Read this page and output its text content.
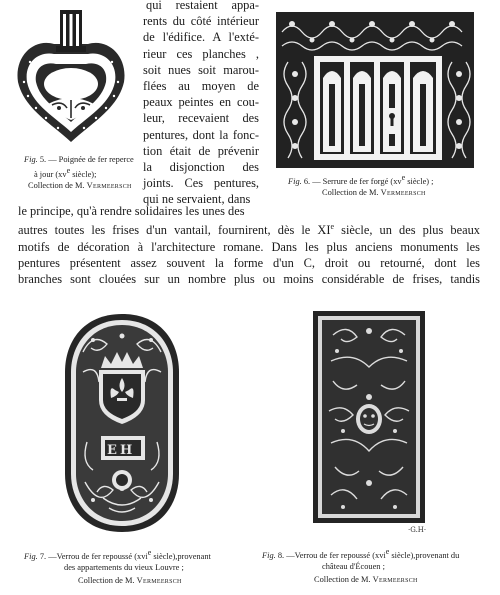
Fig. 5. — Poignée de fer reperce
à jour ($xv^e$ siècle);
Collection de M. Vermeersch	Fig. 6. — Serrure de fer forgé ($xv^e$ siècle) ;
Collection de M. Vermeersch
qui restaient appa-
rents du côté intérieur
de l'édifice. A l'exté-
rieur ces planches ,
soit nues soit marou-
flées au moyen de
peaux peintes en cou-
leur, recevaient des
pentures, dont la fonc-
tion était de prévenir
la disjonction des
joints. Ces pentures,
qui ne servaient, dans
le principe, qu'à rendre solidaires les unes des
autres toutes les frises d'un vantail, fournirent, dès le XIe siècle, un des plus beaux
motifs de décoration à l'architecture romane. Dans les plus anciens monuments les
pentures présentent assez souvent la forme d'un C, droit ou retourné, dont les
branches sont clouées sur un nombre plus ou moins considérable de frises, tandis
E H
Fig. 7. —Verrou de fer repoussé (xvi$^e$ siècle),provenant
des appartements du vieux Louvre ;
Collection de M. Vermeersch
·G.H·
Fig. 8. —Verrou de fer repoussé (xvi$^e$ siècle),provenant du
château d'Écouen ;
Collection de M. Vermeersch
